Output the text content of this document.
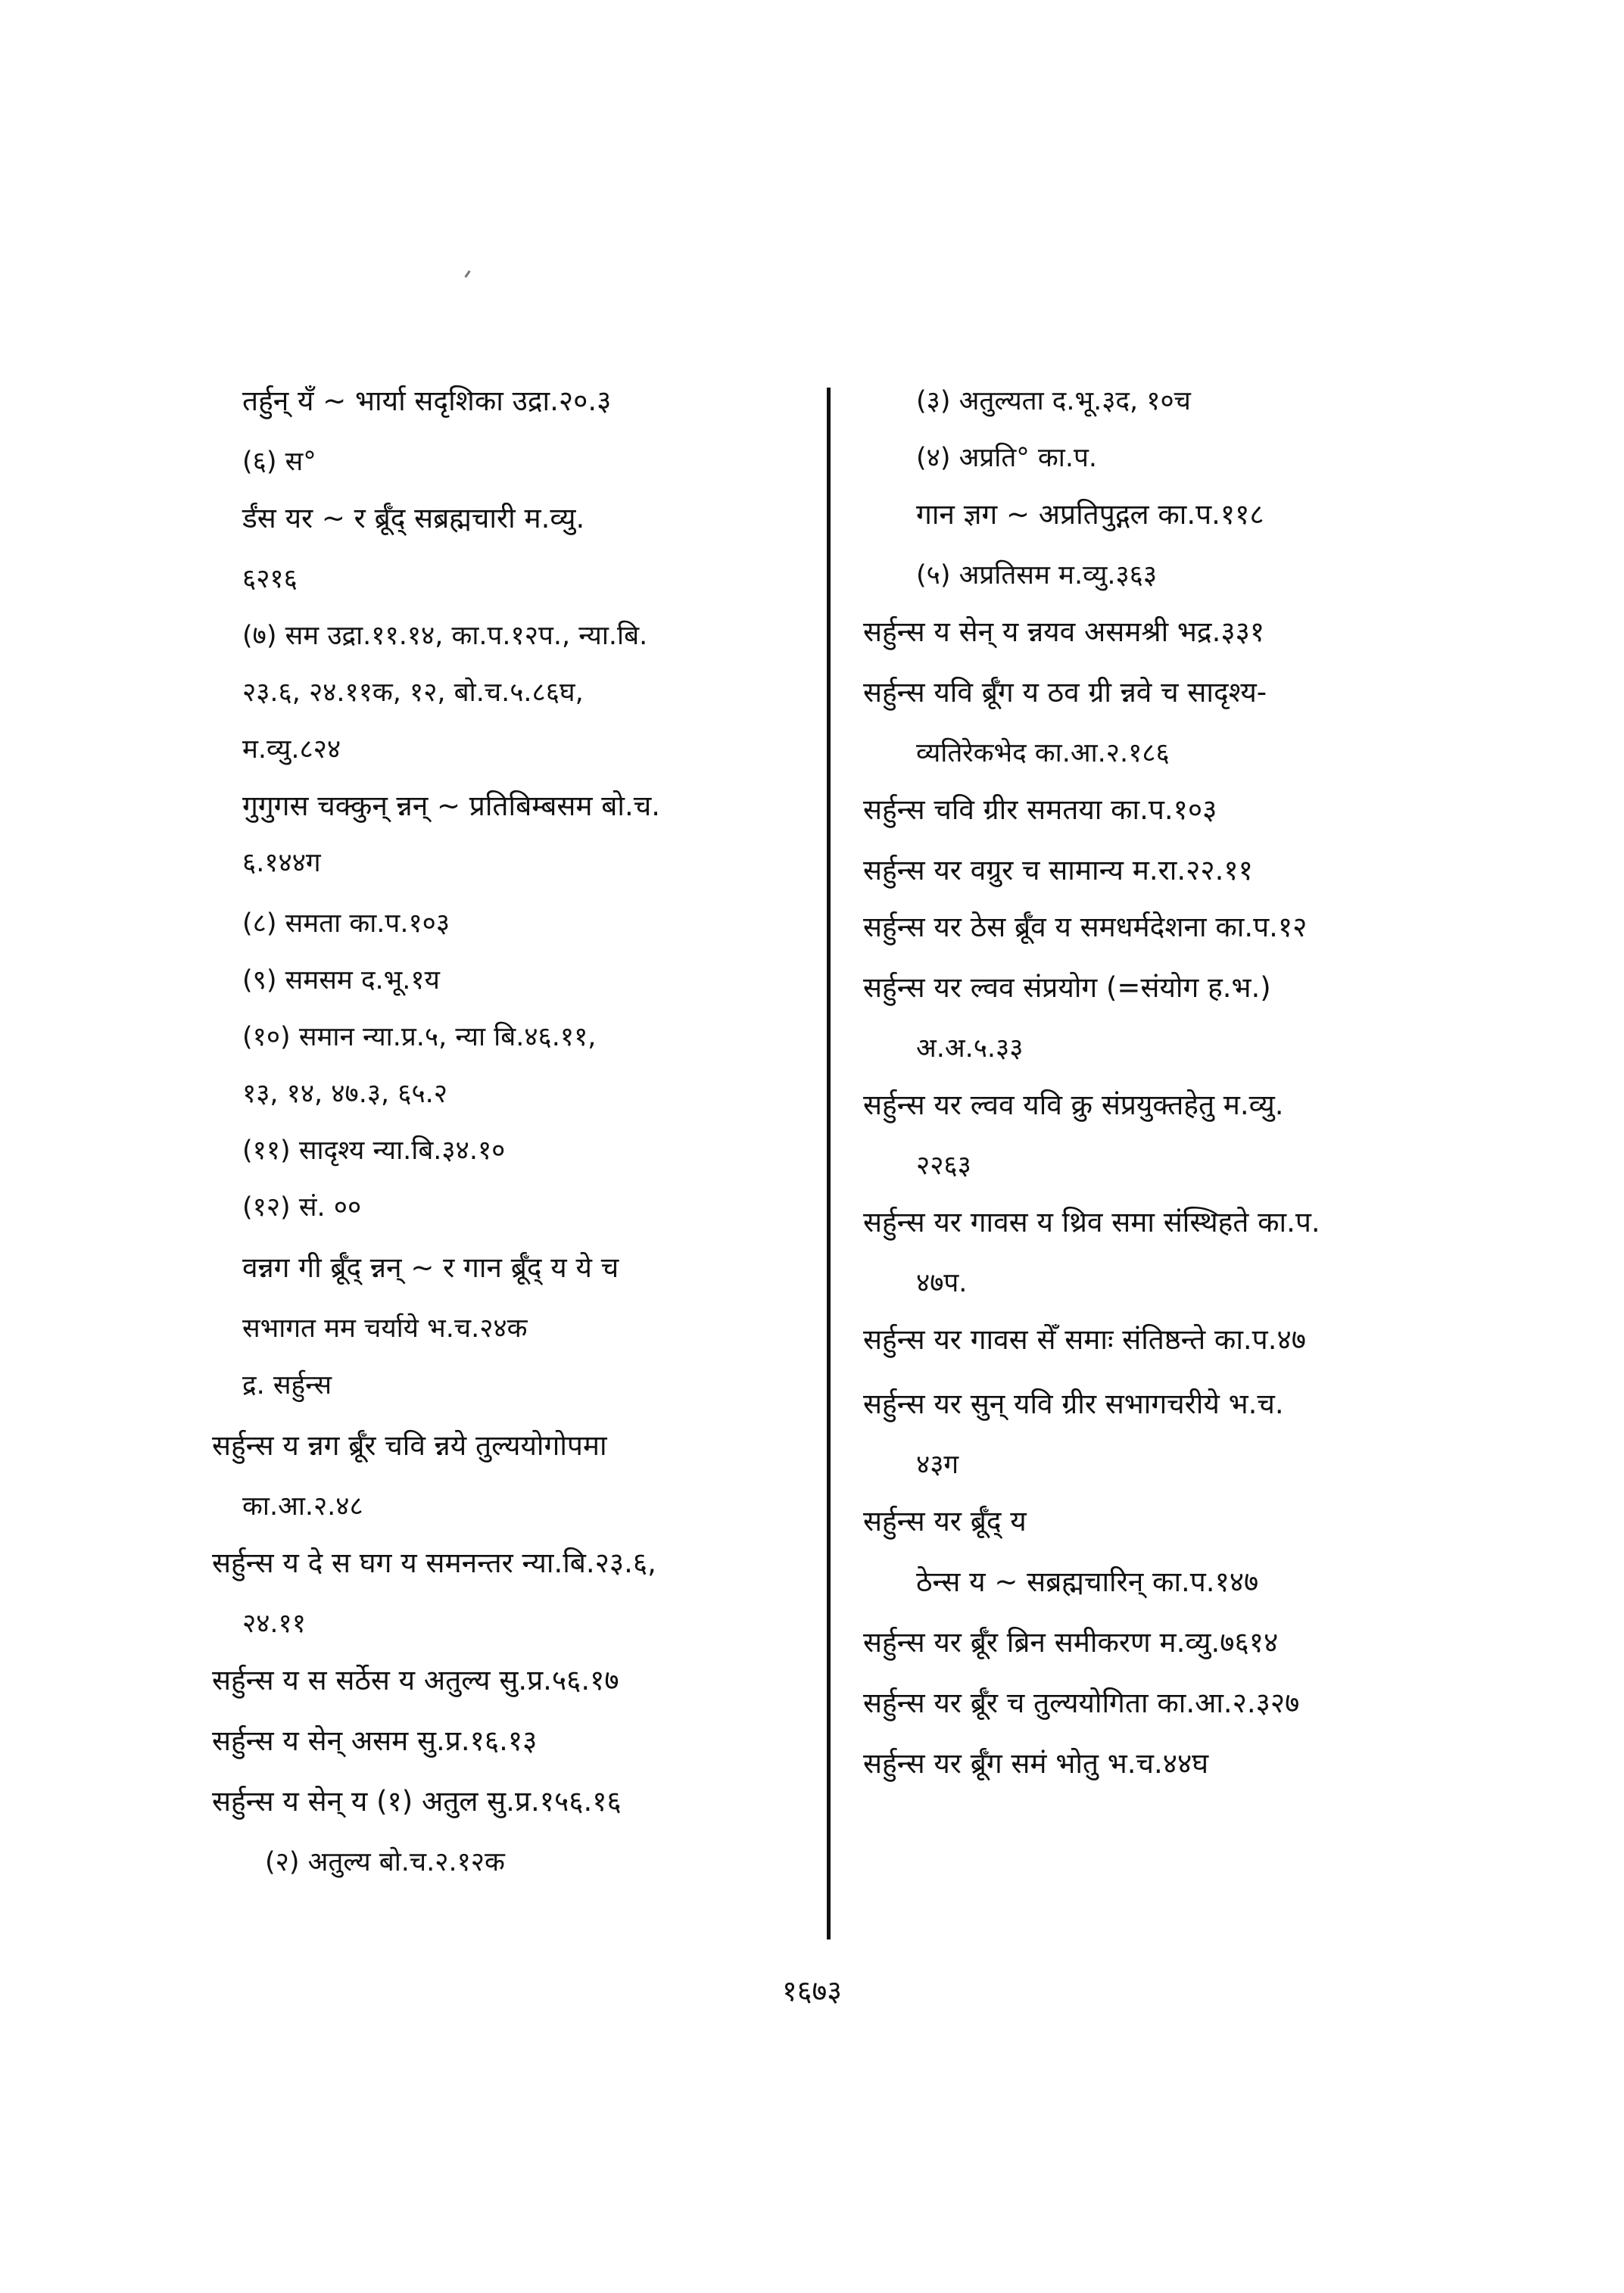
तर्हुन् यँ ~ भार्या सदृशिका उद्रा.२०.३
(६) स°
र्डंस यर ~ र र्ब्रूँद् सब्रह्मचारी म.व्यु.
६२१६
(७) सम उद्रा.११.१४, का.प.१२प., न्या.बि.
२३.६, २४.११क, १२, बो.च.५.८६घ,
म.व्यु.८२४
गुगुगस चक्कुन् न्नन् ~ प्रतिबिम्बसम बो.च.
६.१४४ग
(८) समता का.प.१०३
(९) समसम द.भू.१य
(१०) समान न्या.प्र.५, न्या बि.४६.११,
१३, १४, ४७.३, ६५.२
(११) सादृश्य न्या.बि.३४.१०
(१२) सं. ००
वन्नग गी र्ब्रूँद् न्नन् ~ र गान र्ब्रूँद् य ये च
सभागत मम चर्याये भ.च.२४क
द्र. सर्हुन्स
सर्हुन्स य न्नग र्ब्रूँर चवि न्नये तुल्ययोगोपमा
का.आ.२.४८
सर्हुन्स य दे स घग य समनन्तर न्या.बि.२३.६,
२४.११
सर्हुन्स य स सर्ठेस य अतुल्य सु.प्र.५६.१७
सर्हुन्स य सेन् असम सु.प्र.१६.१३
सर्हुन्स य सेन् य (१) अतुल सु.प्र.१५६.१६
(२) अतुल्य बो.च.२.१२क
(३) अतुल्यता द.भू.३द, १०च
(४) अप्रति° का.प.
गान ज्ञग ~ अप्रतिपुद्गल का.प.११८
(५) अप्रतिसम म.व्यु.३६३
सर्हुन्स य सेन् य न्नयव असमश्री भद्र.३३१
सर्हुन्स यवि र्ब्रूँग य ठव ग्री न्नवे च सादृश्य-
व्यतिरेकभेद का.आ.२.१८६
सर्हुन्स चवि ग्रीर समतया का.प.१०३
सर्हुन्स यर वग्रुर च सामान्य म.रा.२२.११
सर्हुन्स यर ठेस र्ब्रूँव य समधर्मदेशना का.प.१२
सर्हुन्स यर ल्वव संप्रयोग (=संयोग ह.भ.)
अ.अ.५.३३
सर्हुन्स यर ल्वव यवि क्रु संप्रयुक्तहेतु म.व्यु.
२२६३
सर्हुन्स यर गावस य थ्रिव समा संस्थिहते का.प.
४७प.
सर्हुन्स यर गावस सेँ समाः संतिष्ठन्ते का.प.४७
सर्हुन्स यर सुन् यवि ग्रीर सभागचरीये भ.च.
४३ग
सर्हुन्स यर र्ब्रूँद् य
ठेन्स य ~ सब्रह्मचारिन् का.प.१४७
सर्हुन्स यर र्ब्रूँर ब्रिन समीकरण म.व्यु.७६१४
सर्हुन्स यर र्ब्रूँर च तुल्ययोगिता का.आ.२.३२७
सर्हुन्स यर र्ब्रूँग समं भोतु भ.च.४४घ
१६७३
